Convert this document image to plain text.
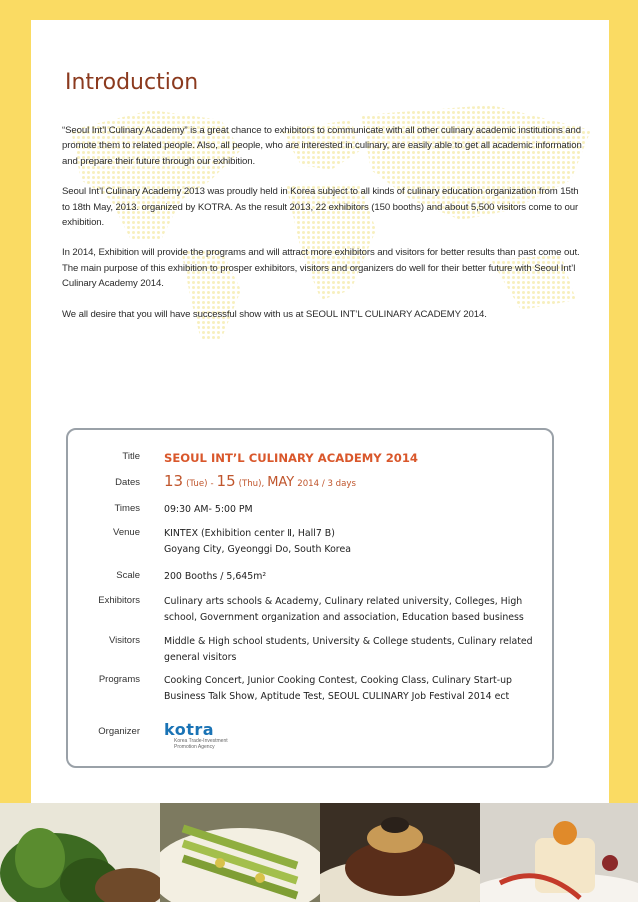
Introduction

“Seoul Int’l Culinary Academy” is a great chance to exhibitors to communicate with all other culinary academic institutions and promote them to related people. Also, all people, who are interested in culinary, are easily able to get all academic information and prepare their future through our exhibition.

Seoul Int’l Culinary Academy 2013 was proudly held in Korea subject to all kinds of culinary education organization from 15th to 18th May, 2013. organized by KOTRA. As the result 2013, 22 exhibitors (150 booths) and about 5,500 visitors come to our exhibition.

In 2014, Exhibition will provide the programs and will attract more exhibitors and visitors for better results than past come out. The main purpose of this exhibition to prosper exhibitors, visitors and organizers do well for their better future with Seoul Int’l Culinary Academy 2014.

We all desire that you will have successful show with us at SEOUL INT’L CULINARY ACADEMY 2014.

Title SEOUL INT’L CULINARY ACADEMY 2014
Dates 13 (Tue) - 15 (Thu), MAY 2014 / 3 days
Times	09:30 AM- 5:00 PM
Venue	KINTEX (Exhibition center Ⅱ, Hall7 B)
Goyang City, Gyeonggi Do, South Korea
Scale	200 Booths / 5,645m²
Exhibitors	Culinary arts schools & Academy, Culinary related university, Colleges, High school, Government organization and association, Education based business
Visitors	Middle & High school students, University & College students, Culinary related general visitors
Programs	Cooking Concert, Junior Cooking Contest, Cooking Class, Culinary Start-up Business Talk Show, Aptitude Test, SEOUL CULINARY Job Festival 2014 ect
Organizer kotra
Korea Trade-Investment
Promotion Agency
